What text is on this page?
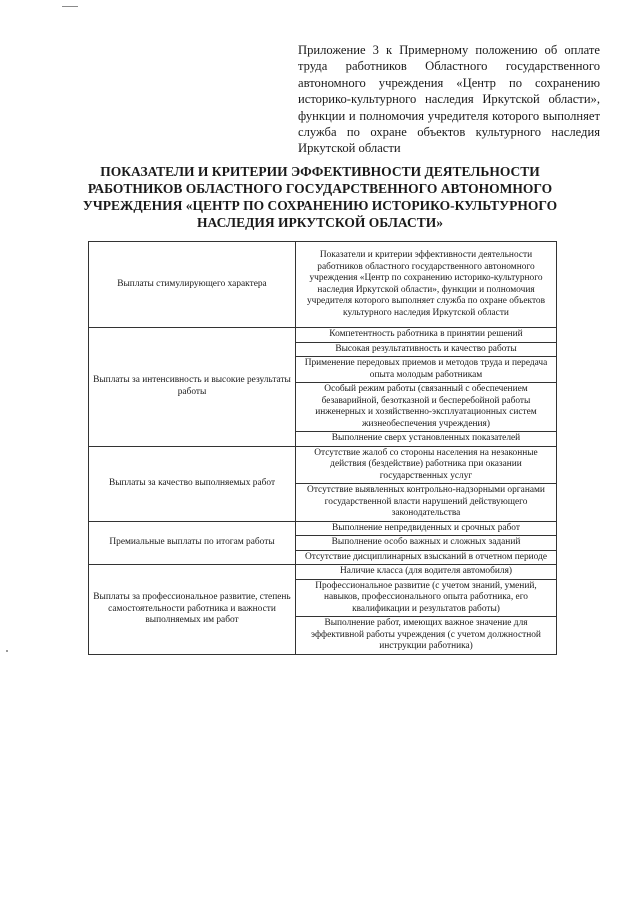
Приложение 3 к Примерному положению об оплате труда работников Областного государственного автономного учреждения «Центр по сохранению историко-культурного наследия Иркутской области», функции и полномочия учредителя которого выполняет служба по охране объектов культурного наследия Иркутской области
ПОКАЗАТЕЛИ И КРИТЕРИИ ЭФФЕКТИВНОСТИ ДЕЯТЕЛЬНОСТИ РАБОТНИКОВ ОБЛАСТНОГО ГОСУДАРСТВЕННОГО АВТОНОМНОГО УЧРЕЖДЕНИЯ «ЦЕНТР ПО СОХРАНЕНИЮ ИСТОРИКО-КУЛЬТУРНОГО НАСЛЕДИЯ ИРКУТСКОЙ ОБЛАСТИ»
Выплаты стимулирующего характера	Показатели и критерии эффективности деятельности работников областного государственного автономного учреждения «Центр по сохранению историко-культурного наследия Иркутской области», функции и полномочия учредителя которого выполняет служба по охране объектов культурного наследия Иркутской области
Выплаты за интенсивность и высокие результаты работы	Компетентность работника в принятии решений
	Высокая результативность и качество работы
	Применение передовых приемов и методов труда и передача опыта молодым работникам
	Особый режим работы (связанный с обеспечением безаварийной, безотказной и бесперебойной работы инженерных и хозяйственно-эксплуатационных систем жизнеобеспечения учреждения)
	Выполнение сверх установленных показателей
Выплаты за качество выполняемых работ	Отсутствие жалоб со стороны населения на незаконные действия (бездействие) работника при оказании государственных услуг
	Отсутствие выявленных контрольно-надзорными органами государственной власти нарушений действующего законодательства
Премиальные выплаты по итогам работы	Выполнение непредвиденных и срочных работ
	Выполнение особо важных и сложных заданий
	Отсутствие дисциплинарных взысканий в отчетном периоде
Выплаты за профессиональное развитие, степень самостоятельности работника и важности выполняемых им работ	Наличие класса (для водителя автомобиля)
	Профессиональное развитие (с учетом знаний, умений, навыков, профессионального опыта работника, его квалификации и результатов работы)
	Выполнение работ, имеющих важное значение для эффективной работы учреждения (с учетом должностной инструкции работника)
